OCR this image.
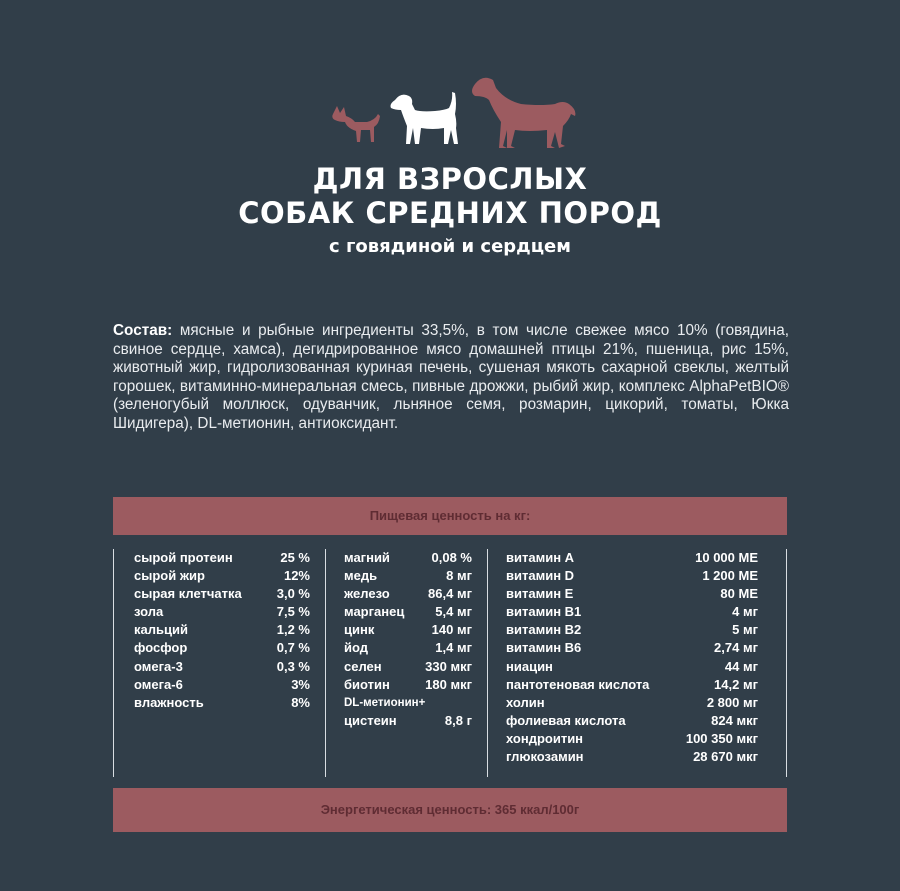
ДЛЯ ВЗРОСЛЫХ
СОБАК СРЕДНИХ ПОРОД
с говядиной и сердцем
Состав: мясные и рыбные ингредиенты 33,5%, в том числе свежее мясо 10% (говядина, свиное сердце, хамса), дегидрированное мясо домашней птицы 21%, пшеница, рис 15%, животный жир, гидролизованная куриная печень, сушеная мякоть сахарной свеклы, желтый горошек, витаминно-минеральная смесь, пивные дрожжи, рыбий жир, комплекс AlphaPetBIO® (зеленогубый моллюск, одуванчик, льняное семя, розмарин, цикорий, томаты, Юкка Шидигера), DL-метионин, антиоксидант.
Пищевая ценность на кг:
сырой протеин	25 %
сырой жир	12%
сырая клетчатка	3,0 %
зола	7,5 %
кальций	1,2 %
фосфор	0,7 %
омега-3	0,3 %
омега-6	3%
влажность	8%
магний	0,08 %
медь	8 мг
железо	86,4 мг
марганец	5,4 мг
цинк	140 мг
йод	1,4 мг
селен	330 мкг
биотин	180 мкг
DL-метионин+
цистеин	8,8 г
витамин А	10 000 МЕ
витамин D	1 200 МЕ
витамин Е	80 МЕ
витамин В1	4 мг
витамин В2	5 мг
витамин В6	2,74 мг
ниацин	44 мг
пантотеновая кислота	14,2 мг
холин	2 800 мг
фолиевая кислота	824 мкг
хондроитин	100 350 мкг
глюкозамин	28 670 мкг
Энергетическая ценность: 365 ккал/100г
